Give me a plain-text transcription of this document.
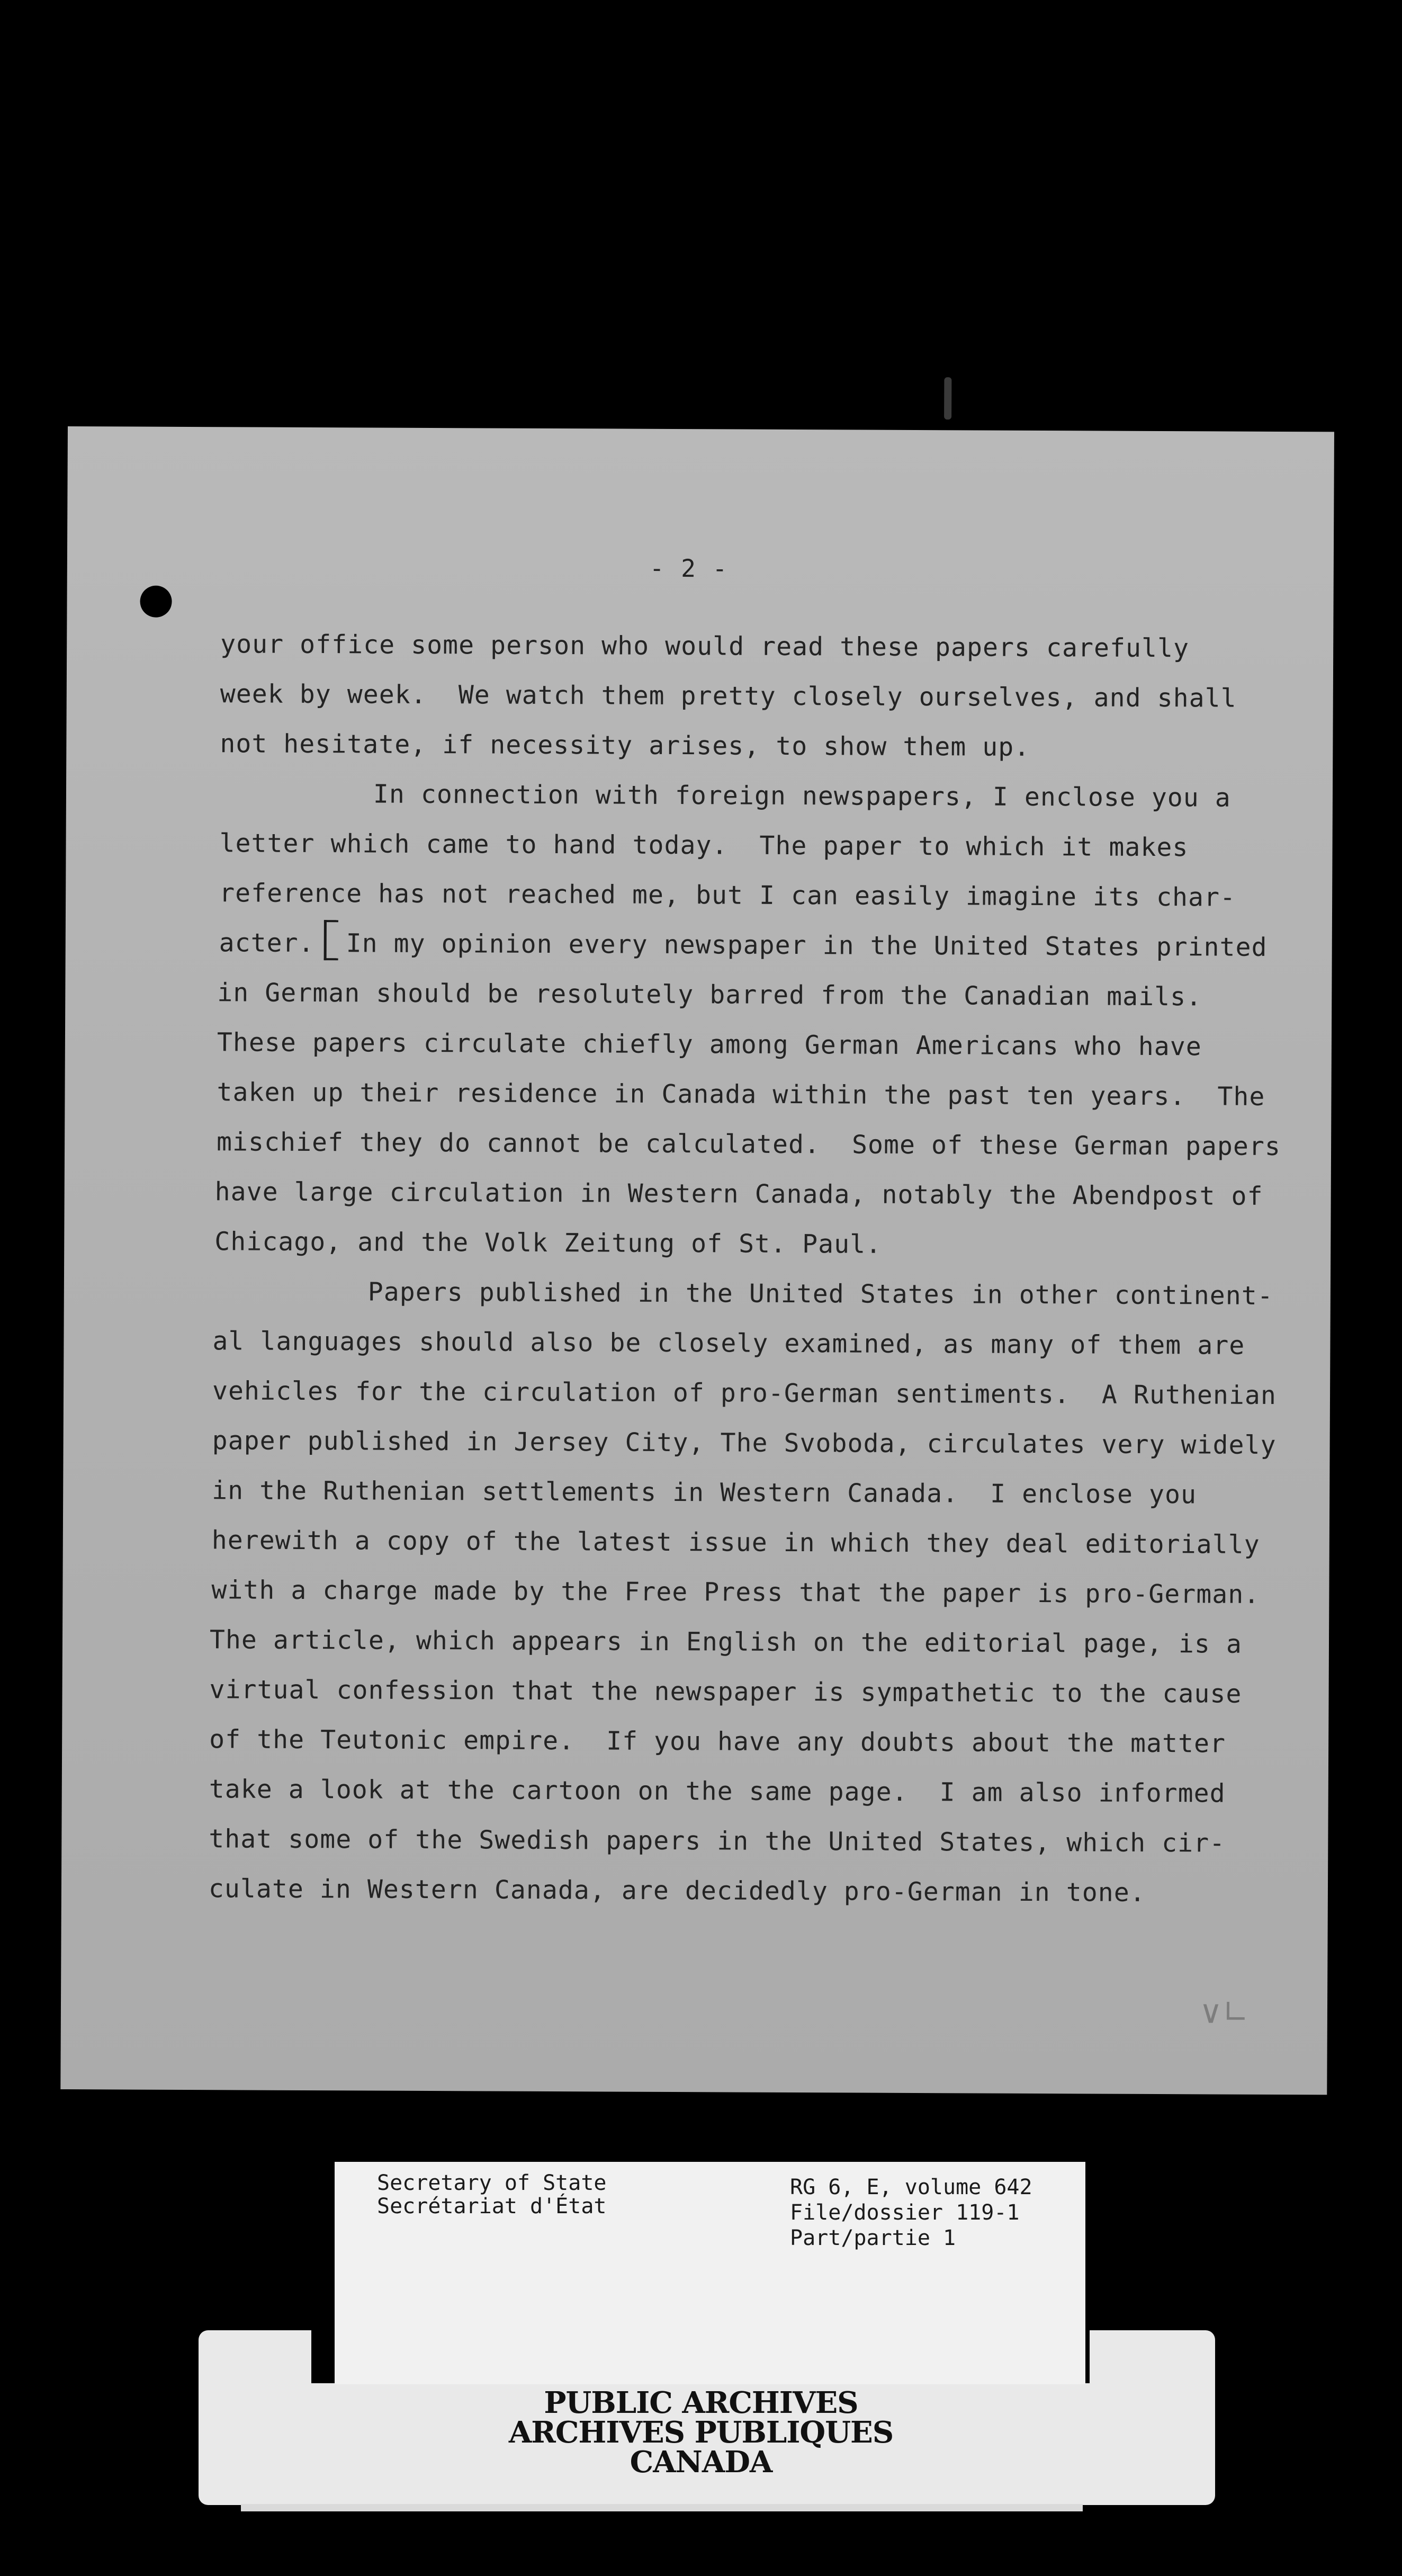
- 2 -
your office some person who would read these papers carefully
week by week.  We watch them pretty closely ourselves, and shall
not hesitate, if necessity arises, to show them up.
In connection with foreign newspapers, I enclose you a
letter which came to hand today.  The paper to which it makes
reference has not reached me, but I can easily imagine its char-
acter.  In my opinion every newspaper in the United States printed
in German should be resolutely barred from the Canadian mails.
These papers circulate chiefly among German Americans who have
taken up their residence in Canada within the past ten years.  The
mischief they do cannot be calculated.  Some of these German papers
have large circulation in Western Canada, notably the Abendpost of
Chicago, and the Volk Zeitung of St. Paul.
Papers published in the United States in other continent-
al languages should also be closely examined, as many of them are
vehicles for the circulation of pro-German sentiments.  A Ruthenian
paper published in Jersey City, The Svoboda, circulates very widely
in the Ruthenian settlements in Western Canada.  I enclose you
herewith a copy of the latest issue in which they deal editorially
with a charge made by the Free Press that the paper is pro-German.
The article, which appears in English on the editorial page, is a
virtual confession that the newspaper is sympathetic to the cause
of the Teutonic empire.  If you have any doubts about the matter
take a look at the cartoon on the same page.  I am also informed
that some of the Swedish papers in the United States, which cir-
culate in Western Canada, are decidedly pro-German in tone.
∨∟
Secretary of State
Secrétariat d'État
RG 6, E, volume 642
File/dossier 119-1
Part/partie 1
PUBLIC ARCHIVES
ARCHIVES PUBLIQUES
CANADA
